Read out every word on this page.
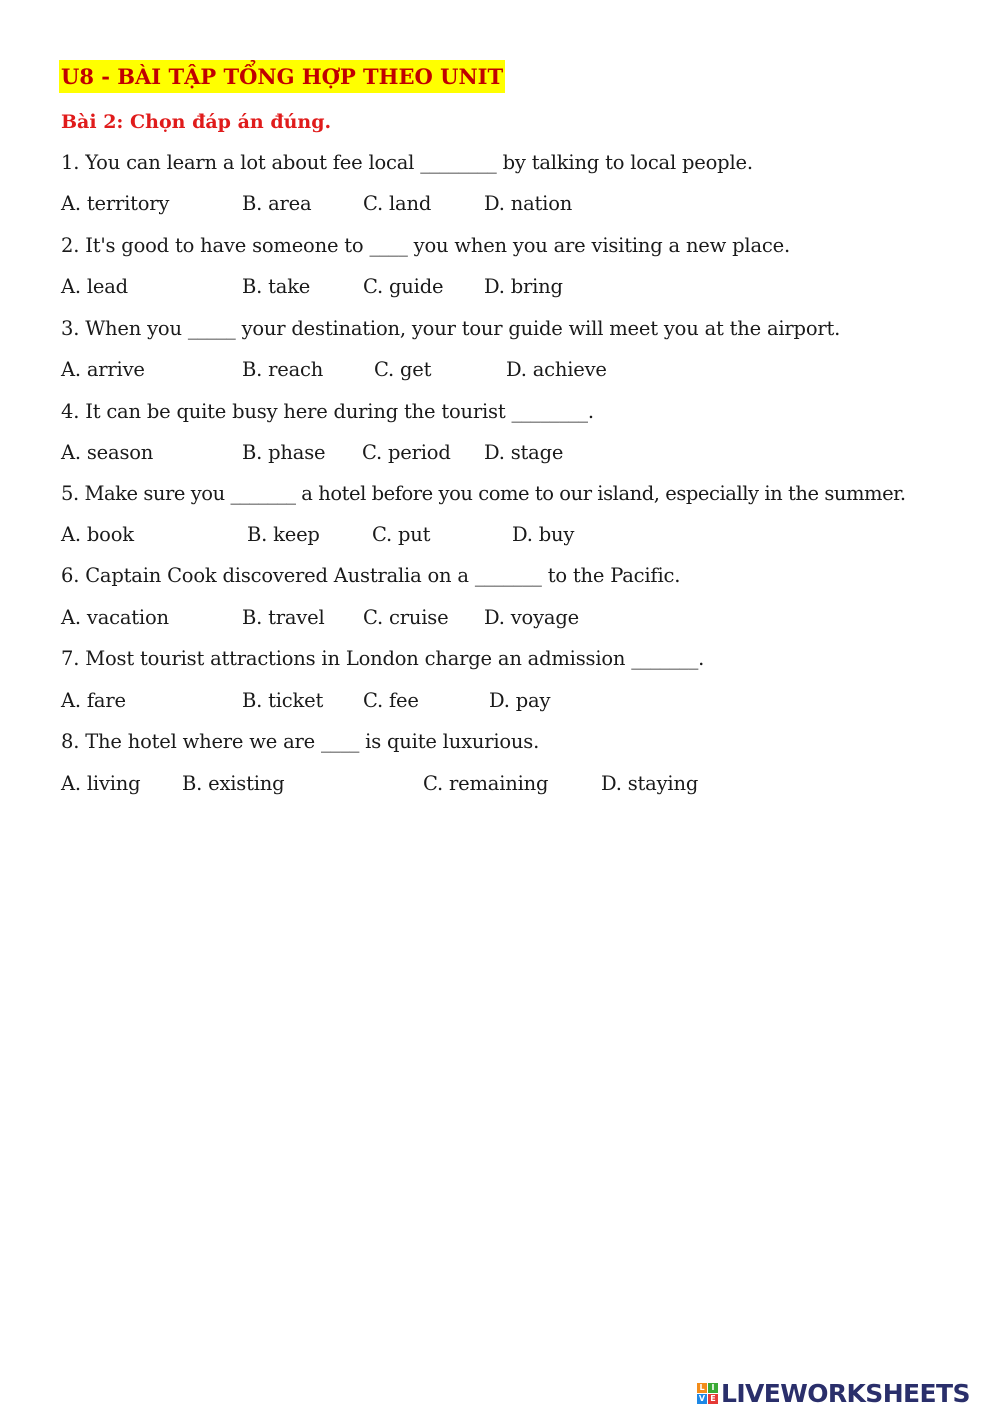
U8 - BÀI TẬP TỔNG HỢP THEO UNIT
Bài 2: Chọn đáp án đúng.
1. You can learn a lot about fee local ________ by talking to local people.
A. territory	B. area	C. land	D. nation
2. It's good to have someone to ____ you when you are visiting a new place.
A. lead	B. take	C. guide D. bring
3. When you _____ your destination, your tour guide will meet you at the airport.
A. arrive	B. reach	C. get	D. achieve
4. It can be quite busy here during the tourist ________.
A. season	B. phase C. period D. stage
5. Make sure you _______ a hotel before you come to our island, especially in the summer.
A. book	B. keep	C. put	D. buy
6. Captain Cook discovered Australia on a _______ to the Pacific.
A. vacation	B. travel C. cruise D. voyage
7. Most tourist attractions in London charge an admission _______.
A. fare	B. ticket C. fee	D. pay
8. The hotel where we are ____ is quite luxurious.
A. living B. existing	C. remaining	D. staying
L I
V E LIVEWORKSHEETS
